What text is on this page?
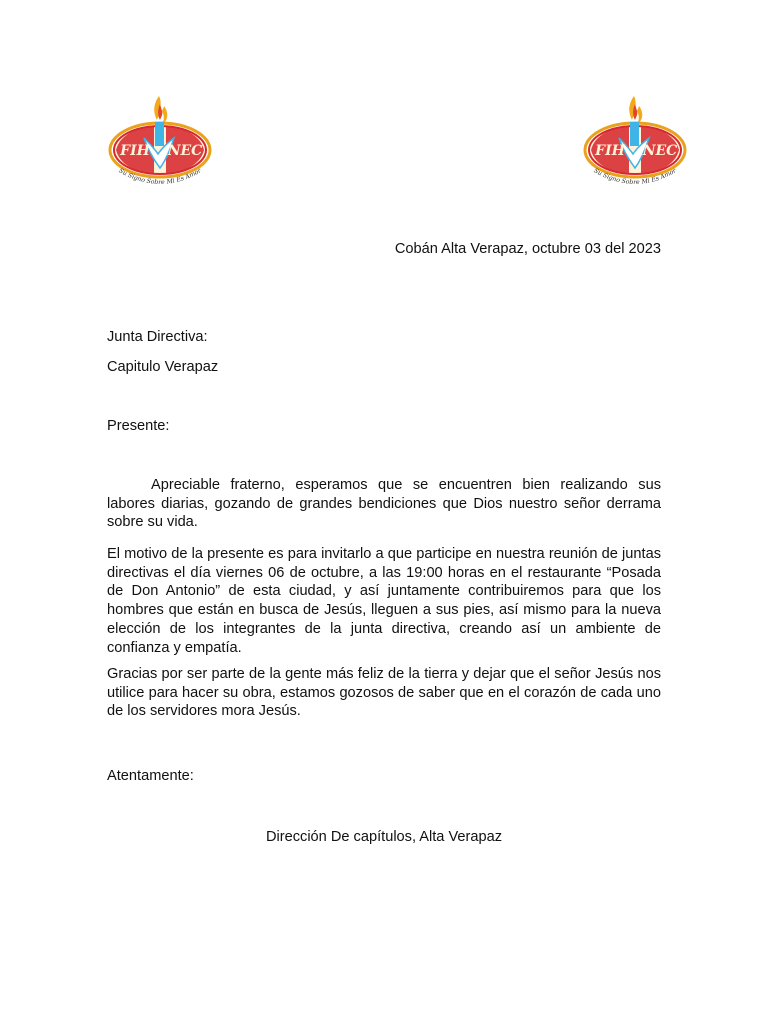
FIH NEC
Su Signo Sobre Mi Es Amor
FIH NEC
Su Signo Sobre Mi Es Amor
Cobán Alta Verapaz, octubre 03 del 2023
Junta Directiva:
Capitulo Verapaz
Presente:

Apreciable fraterno, esperamos que se encuentren bien realizando sus labores diarias, gozando de grandes bendiciones que Dios nuestro señor derrama sobre su vida.

El motivo de la presente es para invitarlo a que participe en nuestra reunión de juntas directivas el día viernes 06 de octubre, a las 19:00 horas en el restaurante “Posada de Don Antonio” de esta ciudad, y así juntamente contribuiremos para que los hombres que están en busca de Jesús, lleguen a sus pies, así mismo para la nueva elección de los integrantes de la junta directiva, creando así un ambiente de confianza y empatía.

Gracias por ser parte de la gente más feliz de la tierra y dejar que el señor Jesús nos utilice para hacer su obra, estamos gozosos de saber que en el corazón de cada uno de los servidores mora Jesús.

Atentamente:
Dirección De capítulos, Alta Verapaz
